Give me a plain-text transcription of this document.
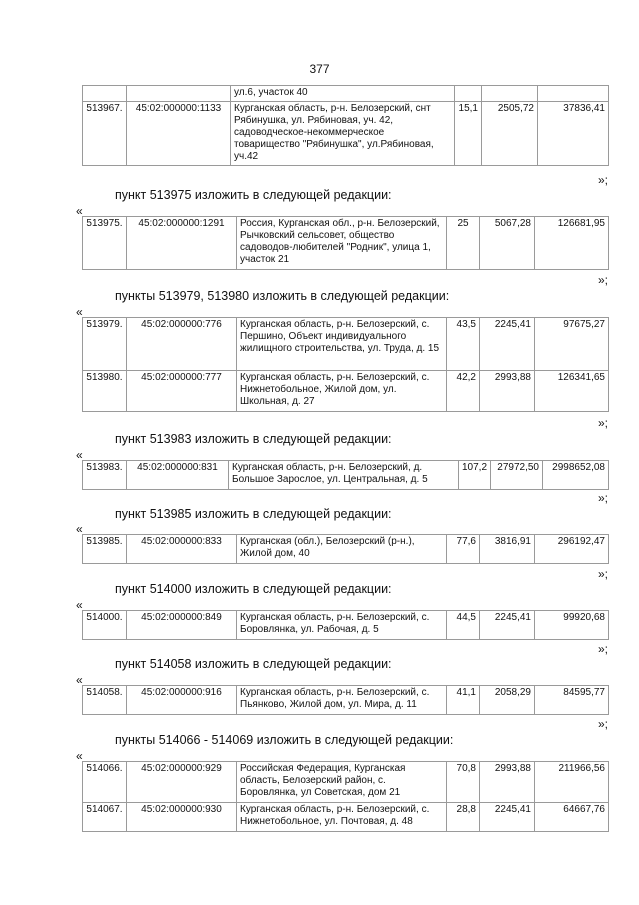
377
		ул.6, участок 40			
513967.	45:02:000000:1133	Курганская область, р-н. Белозерский, снт Рябинушка, ул. Рябиновая, уч. 42, садоводческое-некоммерческое товарищество "Рябинушка", ул.Рябиновая, уч.42	15,1	2505,72	37836,41
»;
пункт 513975 изложить в следующей редакции:
«
513975.	45:02:000000:1291	Россия, Курганская обл., р-н. Белозерский, Рычковский сельсовет, общество садоводов-любителей "Родник", улица 1, участок 21	25	5067,28	126681,95
»;
пункты 513979, 513980 изложить в следующей редакции:
«
513979.	45:02:000000:776	Курганская область, р-н. Белозерский, с. Першино, Объект индивидуального жилищного строительства, ул. Труда, д. 15	43,5	2245,41	97675,27
513980.	45:02:000000:777	Курганская область, р-н. Белозерский, с. Нижнетобольное, Жилой дом, ул. Школьная, д. 27	42,2	2993,88	126341,65
»;
пункт 513983 изложить в следующей редакции:
«
513983.	45:02:000000:831	Курганская область, р-н. Белозерский, д. Большое Зарослое, ул. Центральная, д. 5	107,2	27972,50	2998652,08
»;
пункт 513985 изложить в следующей редакции:
«
513985.	45:02:000000:833	Курганская (обл.), Белозерский (р-н.), Жилой дом, 40	77,6	3816,91	296192,47
»;
пункт 514000 изложить в следующей редакции:
«
514000.	45:02:000000:849	Курганская область, р-н. Белозерский, с. Боровлянка, ул. Рабочая, д. 5	44,5	2245,41	99920,68
»;
пункт 514058 изложить в следующей редакции:
«
514058.	45:02:000000:916	Курганская область, р-н. Белозерский, с. Пьянково, Жилой дом, ул. Мира, д. 11	41,1	2058,29	84595,77
»;
пункты 514066 - 514069 изложить в следующей редакции:
«
514066.	45:02:000000:929	Российская Федерация, Курганская область, Белозерский район, с. Боровлянка, ул Советская, дом 21	70,8	2993,88	211966,56
514067.	45:02:000000:930	Курганская область, р-н. Белозерский, с. Нижнетобольное, ул. Почтовая, д. 48	28,8	2245,41	64667,76
